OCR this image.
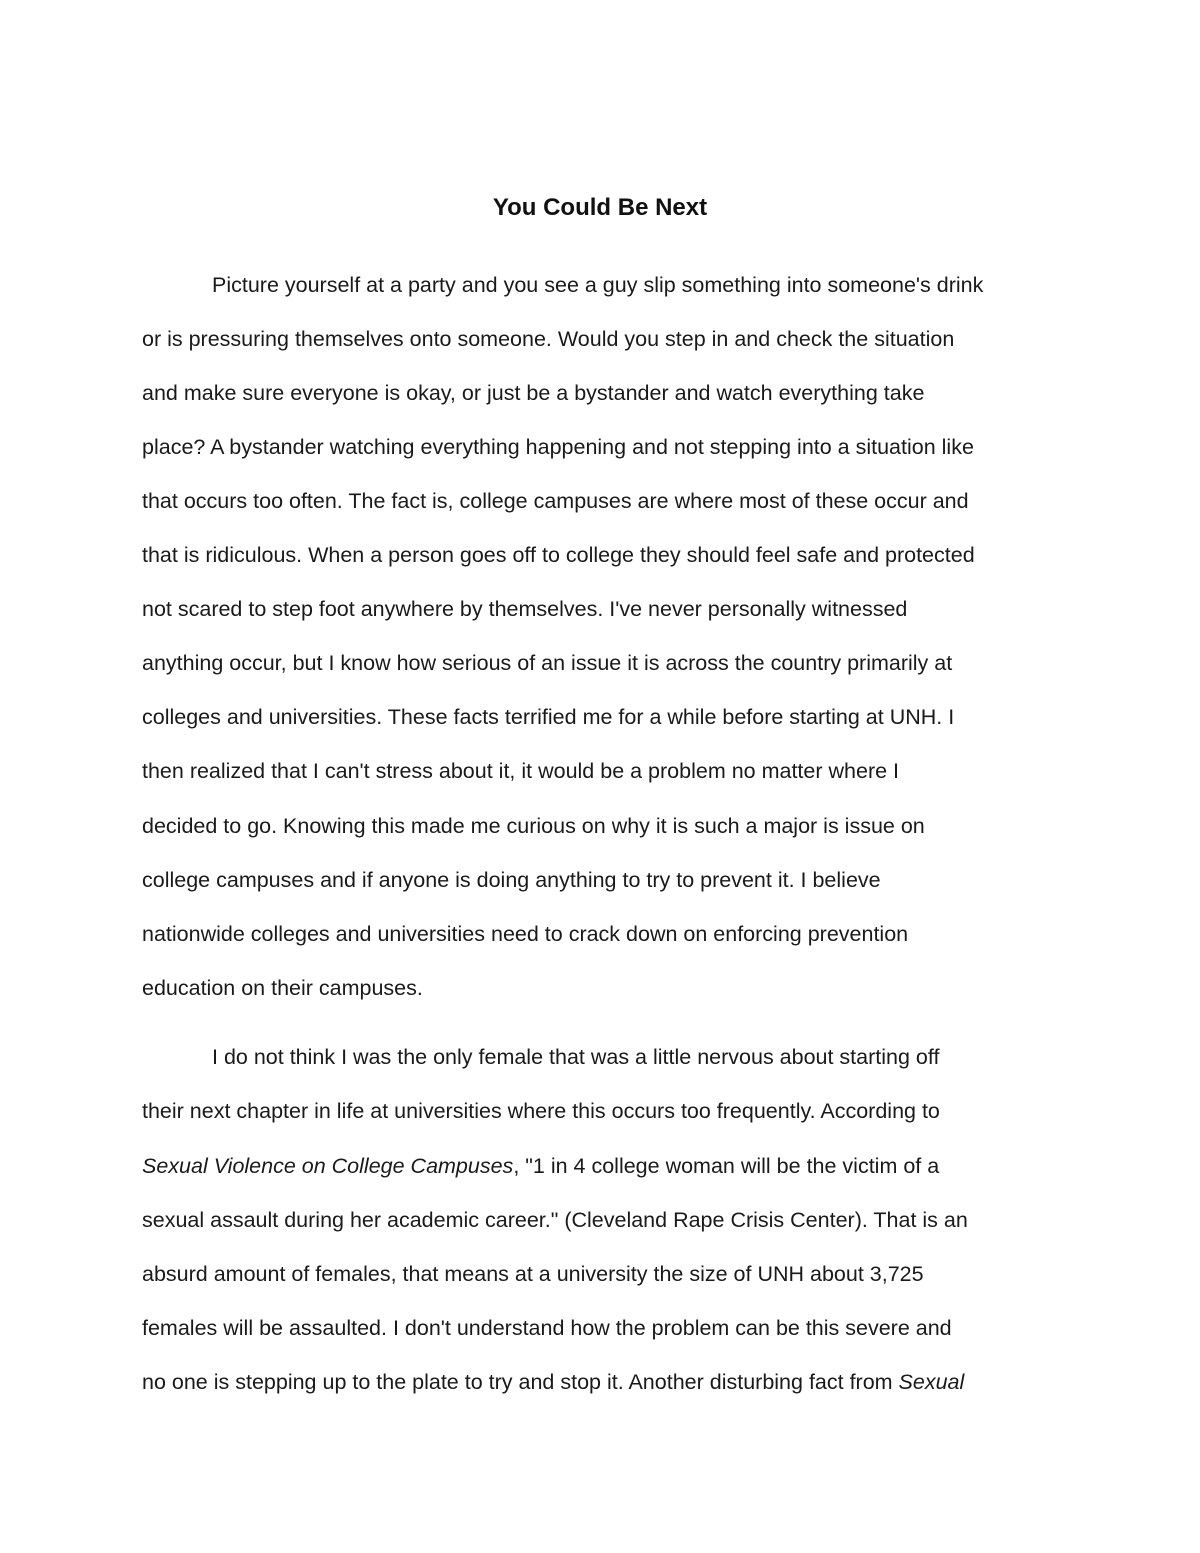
You Could Be Next
Picture yourself at a party and you see a guy slip something into someone's drink
or is pressuring themselves onto someone. Would you step in and check the situation
and make sure everyone is okay, or just be a bystander and watch everything take
place? A bystander watching everything happening and not stepping into a situation like
that occurs too often. The fact is, college campuses are where most of these occur and
that is ridiculous. When a person goes off to college they should feel safe and protected
not scared to step foot anywhere by themselves. I've never personally witnessed
anything occur, but I know how serious of an issue it is across the country primarily at
colleges and universities. These facts terrified me for a while before starting at UNH. I
then realized that I can't stress about it, it would be a problem no matter where I
decided to go. Knowing this made me curious on why it is such a major is issue on
college campuses and if anyone is doing anything to try to prevent it. I believe
nationwide colleges and universities need to crack down on enforcing prevention
education on their campuses.
I do not think I was the only female that was a little nervous about starting off
their next chapter in life at universities where this occurs too frequently. According to
Sexual Violence on College Campuses, "1 in 4 college woman will be the victim of a
sexual assault during her academic career." (Cleveland Rape Crisis Center). That is an
absurd amount of females, that means at a university the size of UNH about 3,725
females will be assaulted. I don't understand how the problem can be this severe and
no one is stepping up to the plate to try and stop it. Another disturbing fact from Sexual
